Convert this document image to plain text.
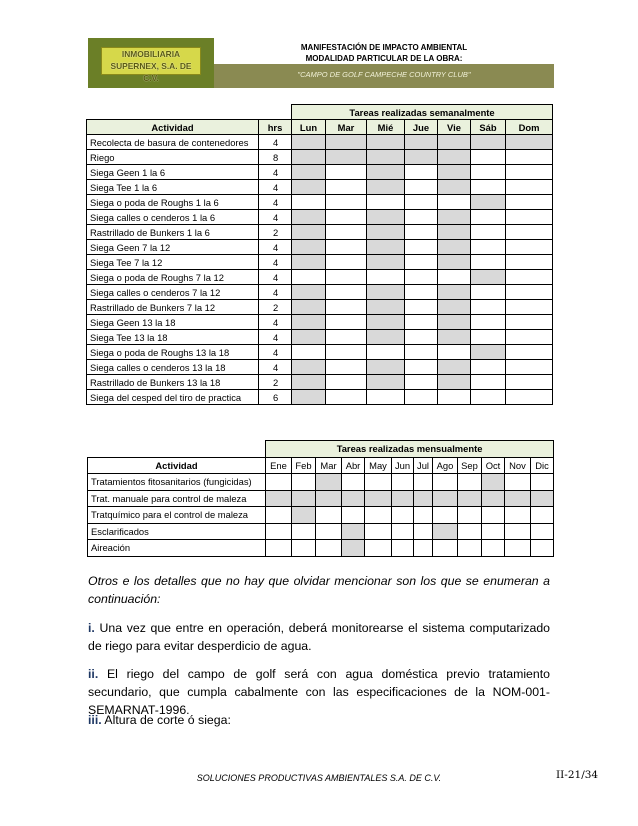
INMOBILIARIA
SUPERNEX, S.A. DE C.V.
MANIFESTACIÓN DE IMPACTO AMBIENTAL
MODALIDAD PARTICULAR DE LA OBRA:
"CAMPO DE GOLF CAMPECHE COUNTRY CLUB"
		Tareas realizadas semanalmente						
Actividad	hrs	Lun	Mar	Mié	Jue	Vie	Sáb	Dom
Recolecta de basura de contenedores	4							
Riego	8							
Siega Geen 1 la 6	4							
Siega Tee 1 la 6	4							
Siega o poda de Roughs 1 la 6	4							
Siega calles o cenderos 1 la 6	4							
Rastrillado de Bunkers 1 la 6	2							
Siega Geen 7 la 12	4							
Siega Tee 7 la 12	4							
Siega o poda de Roughs 7 la 12	4							
Siega calles o cenderos 7 la 12	4							
Rastrillado de Bunkers 7 la 12	2							
Siega Geen 13 la 18	4							
Siega Tee 13 la 18	4							
Siega o poda de Roughs 13 la 18	4							
Siega calles o cenderos 13 la 18	4							
Rastrillado de Bunkers 13 la 18	2							
Siega del cesped del tiro de practica	6							
	Tareas realizadas mensualmente											
Actividad	Ene	Feb	Mar	Abr	May	Jun	Jul	Ago	Sep	Oct	Nov	Dic
Tratamientos fitosanitarios (fungicidas)												
Trat. manuale para control de maleza												
Tratquímico para el control de maleza												
Esclarificados												
Aireación												
Otros e los detalles que no hay que olvidar mencionar son los que se enumeran a continuación:
i. Una vez que entre en operación, deberá monitorearse el sistema computarizado de riego para evitar desperdicio de agua.
ii. El riego del campo de golf será con agua doméstica previo tratamiento secundario, que cumpla cabalmente con las especificaciones de la NOM-001-SEMARNAT-1996.
iii. Altura de corte ó siega:
SOLUCIONES PRODUCTIVAS AMBIENTALES S.A. DE C.V.	II-21/34
